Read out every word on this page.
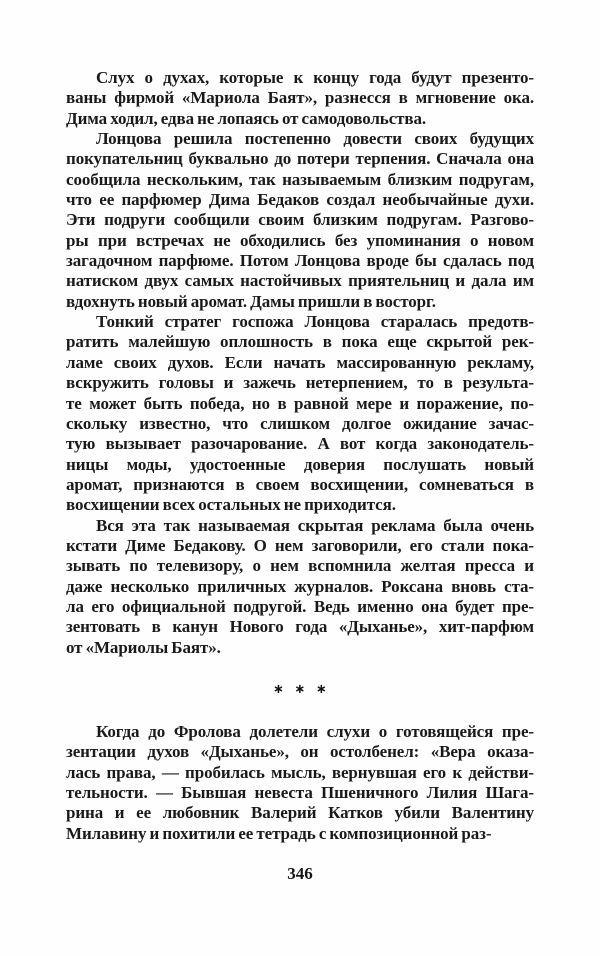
Слух о духах, которые к концу года будут презенто-
ваны фирмой «Мариола Баят», разнесся в мгновение ока.
Дима ходил, едва не лопаясь от самодовольства.
Лонцова решила постепенно довести своих будущих
покупательниц буквально до потери терпения. Сначала она
сообщила нескольким, так называемым близким подругам,
что ее парфюмер Дима Бедаков создал необычайные духи.
Эти подруги сообщили своим близким подругам. Разгово-
ры при встречах не обходились без упоминания о новом
загадочном парфюме. Потом Лонцова вроде бы сдалась под
натиском двух самых настойчивых приятельниц и дала им
вдохнуть новый аромат. Дамы пришли в восторг.
Тонкий стратег госпожа Лонцова старалась предотв-
ратить малейшую оплошность в пока еще скрытой рек-
ламе своих духов. Если начать массированную рекламу,
вскружить головы и зажечь нетерпением, то в результа-
те может быть победа, но в равной мере и поражение, по-
скольку известно, что слишком долгое ожидание зачас-
тую вызывает разочарование. А вот когда законодатель-
ницы моды, удостоенные доверия послушать новый
аромат, признаются в своем восхищении, сомневаться в
восхищении всех остальных не приходится.
Вся эта так называемая скрытая реклама была очень
кстати Диме Бедакову. О нем заговорили, его стали пока-
зывать по телевизору, о нем вспомнила желтая пресса и
даже несколько приличных журналов. Роксана вновь ста-
ла его официальной подругой. Ведь именно она будет пре-
зентовать в канун Нового года «Дыханье», хит-парфюм
от «Мариолы Баят».
∗ ∗ ∗
Когда до Фролова долетели слухи о готовящейся пре-
зентации духов «Дыханье», он остолбенел: «Вера оказа-
лась права, — пробилась мысль, вернувшая его к действи-
тельности. — Бывшая невеста Пшеничного Лилия Шага-
рина и ее любовник Валерий Катков убили Валентину
Милавину и похитили ее тетрадь с композиционной раз-
346
